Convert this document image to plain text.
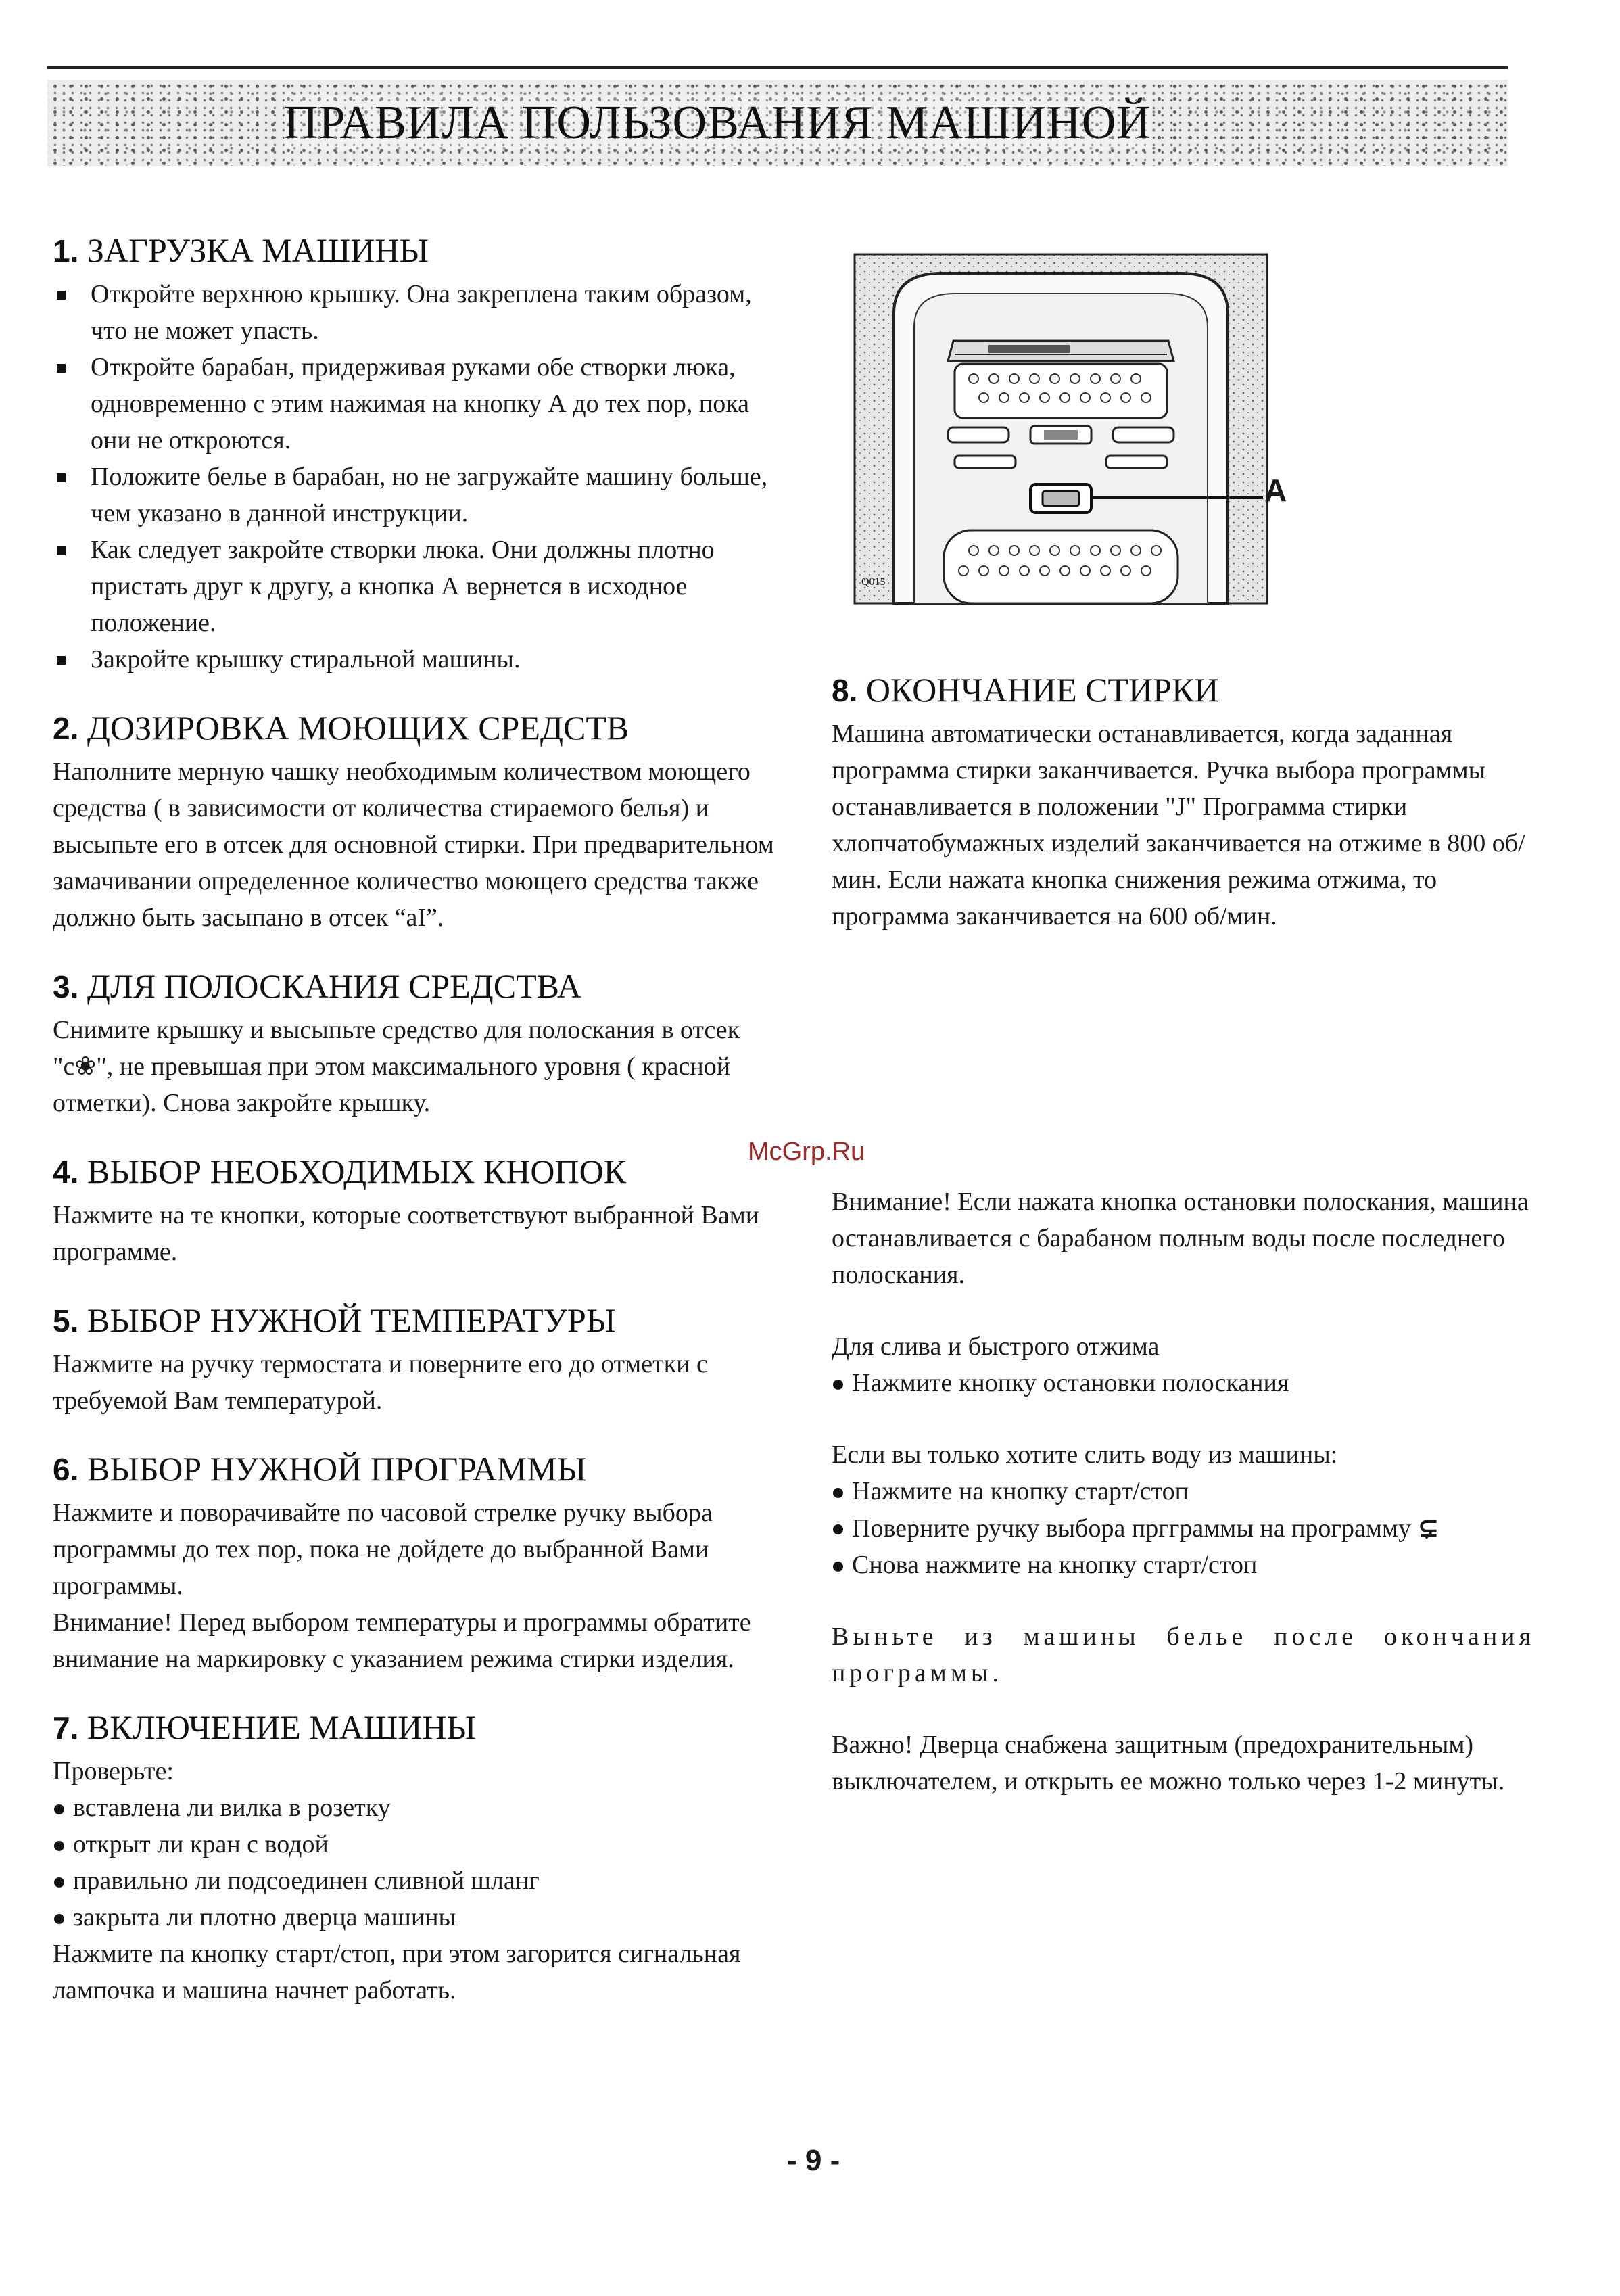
ПРАВИЛА ПОЛЬЗОВАНИЯ МАШИНОЙ
1. ЗАГРУЗКА МАШИНЫ
Откройте верхнюю крышку. Она закреплена таким образом, что не может упасть.
Откройте барабан, придерживая руками обе створки люка, одновременно с этим нажимая на кнопку А до тех пор, пока они не откроются.
Положите белье в барабан, но не загружайте машину больше, чем указано в данной инструкции.
Как следует закройте створки люка. Они должны плотно пристать друг к другу, а кнопка А вернется в исходное положение.
Закройте крышку стиральной машины.
2. ДОЗИРОВКА МОЮЩИХ СРЕДСТВ

Наполните мерную чашку необходимым количеством моющего средства ( в зависимости от количества стираемого белья) и высыпьте его в отсек для основной стирки. При предварительном замачивании определенное количество моющего средства также должно быть засыпано в отсек “aI”.

3. ДЛЯ ПОЛОСКАНИЯ СРЕДСТВА

Снимите крышку и высыпьте средство для полоскания в отсек "c❀", не превышая при этом максимального уровня ( красной отметки). Снова закройте крышку.

4. ВЫБОР НЕОБХОДИМЫХ КНОПОК

Нажмите на те кнопки, которые соответствуют выбранной Вами программе.

5. ВЫБОР НУЖНОЙ ТЕМПЕРАТУРЫ

Нажмите на ручку термостата и поверните его до отметки с требуемой Вам температурой.

6. ВЫБОР НУЖНОЙ ПРОГРАММЫ

Нажмите и поворачивайте по часовой стрелке ручку выбора программы до тех пор, пока не дойдете до выбранной Вами программы.

Внимание! Перед выбором температуры и программы обратите внимание на маркировку с указанием режима стирки изделия.

7. ВКЛЮЧЕНИЕ МАШИНЫ

Проверьте:

вставлена ли вилка в розетку
открыт ли кран с водой
правильно ли подсоединен сливной шланг
закрыта ли плотно дверца машины

Нажмите па кнопку старт/стоп, при этом загорится сигнальная лампочка и машина начнет работать.

Q015
A
8. ОКОНЧАНИЕ СТИРКИ

Машина автоматически останавливается, когда заданная программа стирки заканчивается. Ручка выбора программы останавливается в положении "J" Программа стирки хлопчатобумажных изделий заканчивается на отжиме в 800 об/мин. Если нажата кнопка снижения режима отжима, то программа заканчивается на 600 об/мин.

McGrp.Ru

Внимание! Если нажата кнопка остановки полоскания, машина останавливается с барабаном полным воды после последнего полоскания.

Для слива и быстрого отжима

Нажмите кнопку остановки полоскания

Если вы только хотите слить воду из машины:

Нажмите на кнопку старт/стоп
Поверните ручку выбора пргграммы на программу ⊊
Снова нажмите на кнопку старт/стоп

Выньте из машины белье после окончания программы.

Важно! Дверца снабжена защитным (предохранительным) выключателем, и открыть ее можно только через 1-2 минуты.

- 9 -
